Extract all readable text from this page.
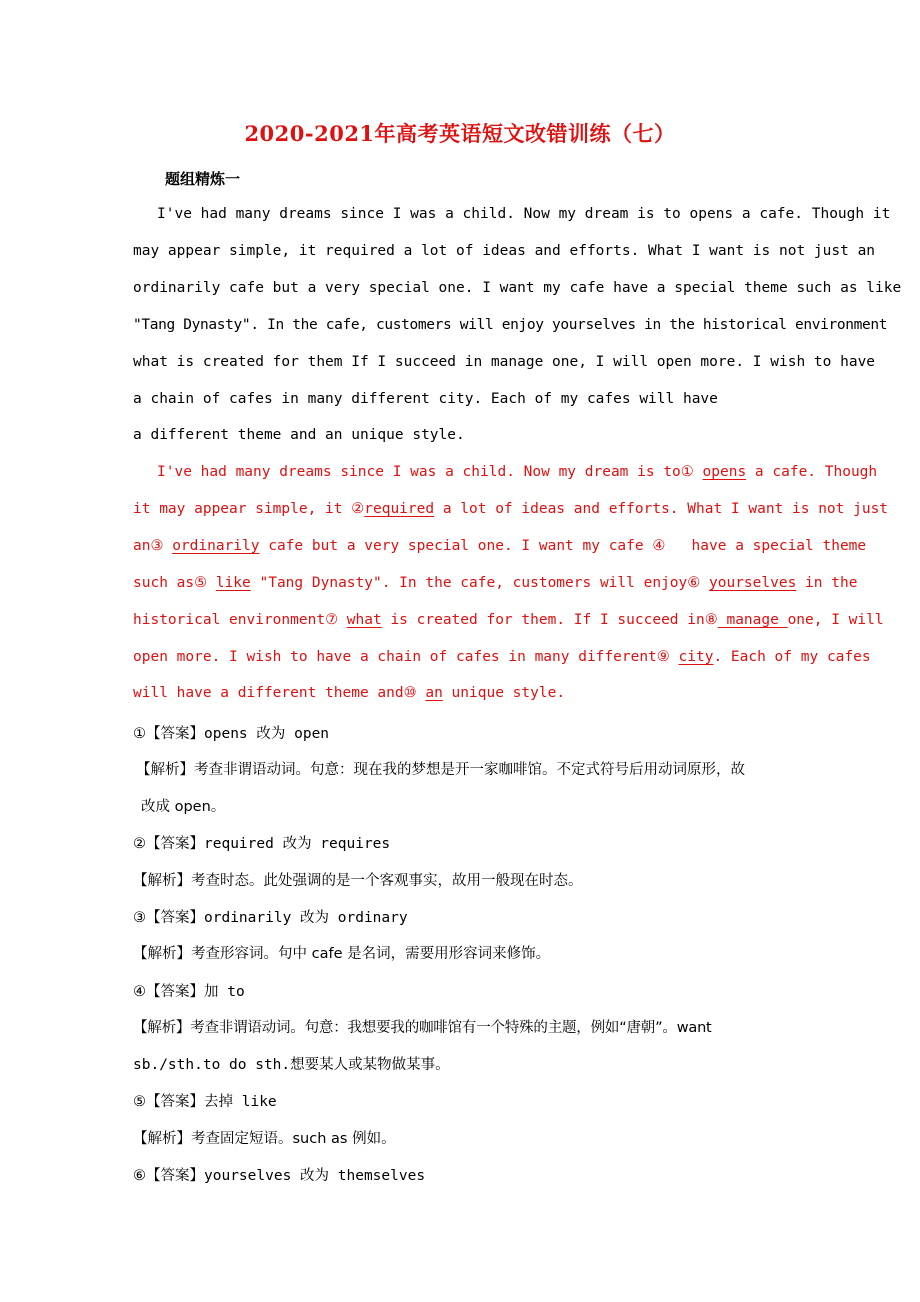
2020-2021年高考英语短文改错训练（七）
题组精炼一
I've had many dreams since I was a child. Now my dream is to opens a cafe. Though it
may appear simple, it required a lot of ideas and efforts. What I want is not just an
ordinarily cafe but a very special one. I want my cafe have a special theme such as like
"Tang Dynasty". In the cafe, customers will enjoy yourselves in the historical environment
what is created for them If I succeed in manage one, I will open more. I wish to have
a chain of cafes in many different city. Each of my cafes will have
a different theme and an unique style.
I've had many dreams since I was a child. Now my dream is to① opens a cafe. Though
it may appear simple, it ②required a lot of ideas and efforts. What I want is not just
an③ ordinarily cafe but a very special one. I want my cafe ④   have a special theme
such as⑤ like "Tang Dynasty". In the cafe, customers will enjoy⑥ yourselves in the
historical environment⑦ what is created for them. If I succeed in⑧ manage one, I will
open more. I wish to have a chain of cafes in many different⑨ city. Each of my cafes
will have a different theme and⑩ an unique style.
①【答案】opens 改为 open
【解析】考查非谓语动词。句意：现在我的梦想是开一家咖啡馆。不定式符号后用动词原形，故
改成 open。
②【答案】required 改为 requires
【解析】考查时态。此处强调的是一个客观事实，故用一般现在时态。
③【答案】ordinarily 改为 ordinary
【解析】考查形容词。句中 cafe 是名词，需要用形容词来修饰。
④【答案】加 to
【解析】考查非谓语动词。句意：我想要我的咖啡馆有一个特殊的主题，例如“唐朝”。want
sb./sth.to do sth.想要某人或某物做某事。
⑤【答案】去掉 like
【解析】考查固定短语。such as 例如。
⑥【答案】yourselves 改为 themselves
